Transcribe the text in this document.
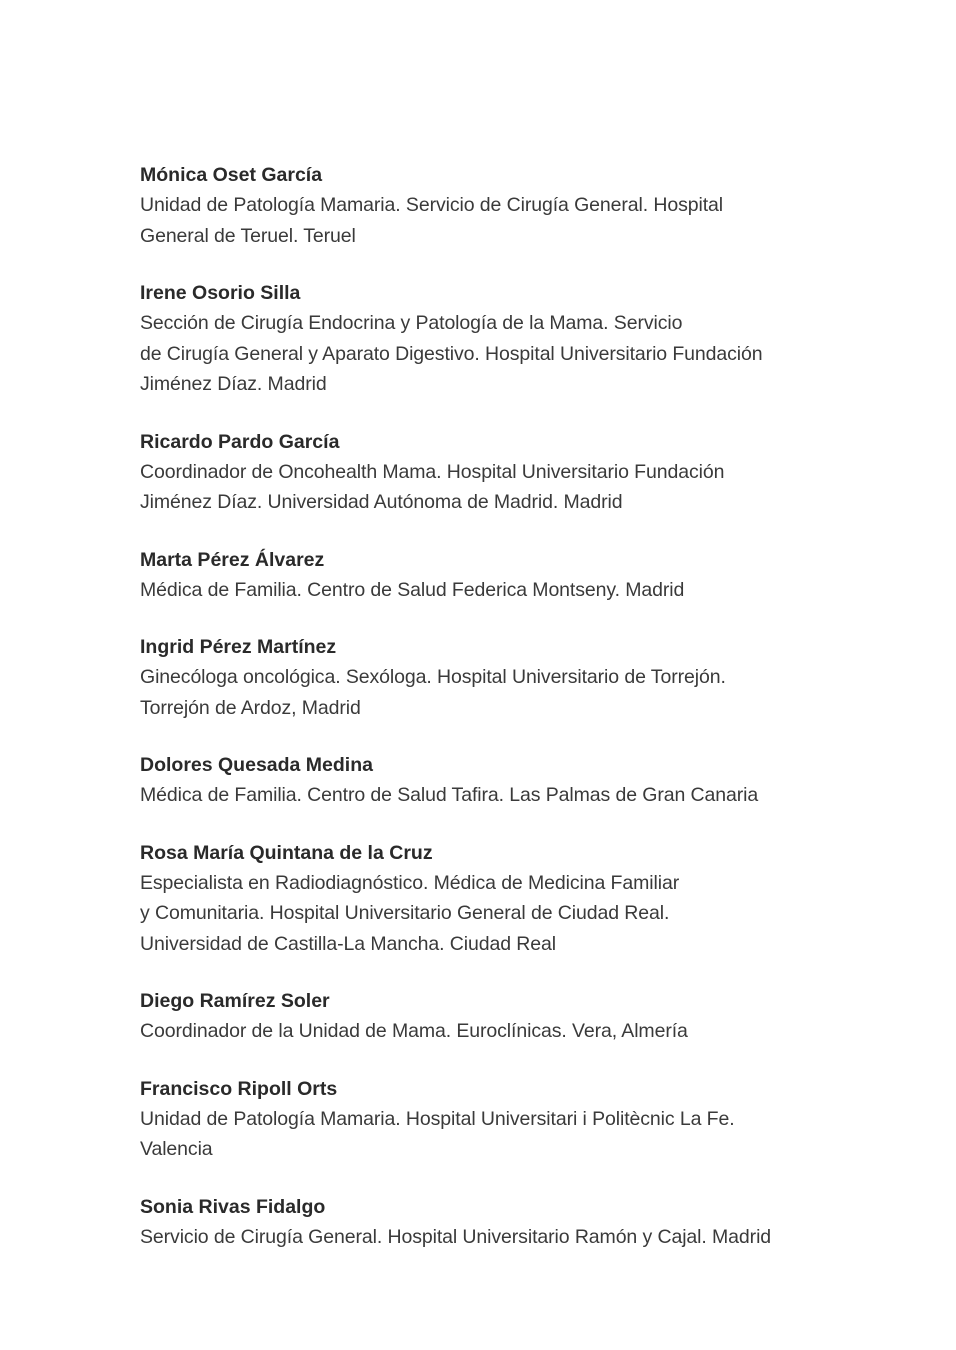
Mónica Oset García
Unidad de Patología Mamaria. Servicio de Cirugía General. Hospital
General de Teruel. Teruel
Irene Osorio Silla
Sección de Cirugía Endocrina y Patología de la Mama. Servicio
de Cirugía General y Aparato Digestivo. Hospital Universitario Fundación
Jiménez Díaz. Madrid
Ricardo Pardo García
Coordinador de Oncohealth Mama. Hospital Universitario Fundación
Jiménez Díaz. Universidad Autónoma de Madrid. Madrid
Marta Pérez Álvarez
Médica de Familia. Centro de Salud Federica Montseny. Madrid
Ingrid Pérez Martínez
Ginecóloga oncológica. Sexóloga. Hospital Universitario de Torrejón.
Torrejón de Ardoz, Madrid
Dolores Quesada Medina
Médica de Familia. Centro de Salud Tafira. Las Palmas de Gran Canaria
Rosa María Quintana de la Cruz
Especialista en Radiodiagnóstico. Médica de Medicina Familiar
y Comunitaria. Hospital Universitario General de Ciudad Real.
Universidad de Castilla-La Mancha. Ciudad Real
Diego Ramírez Soler
Coordinador de la Unidad de Mama. Euroclínicas. Vera, Almería
Francisco Ripoll Orts
Unidad de Patología Mamaria. Hospital Universitari i Politècnic La Fe.
Valencia
Sonia Rivas Fidalgo
Servicio de Cirugía General. Hospital Universitario Ramón y Cajal. Madrid
